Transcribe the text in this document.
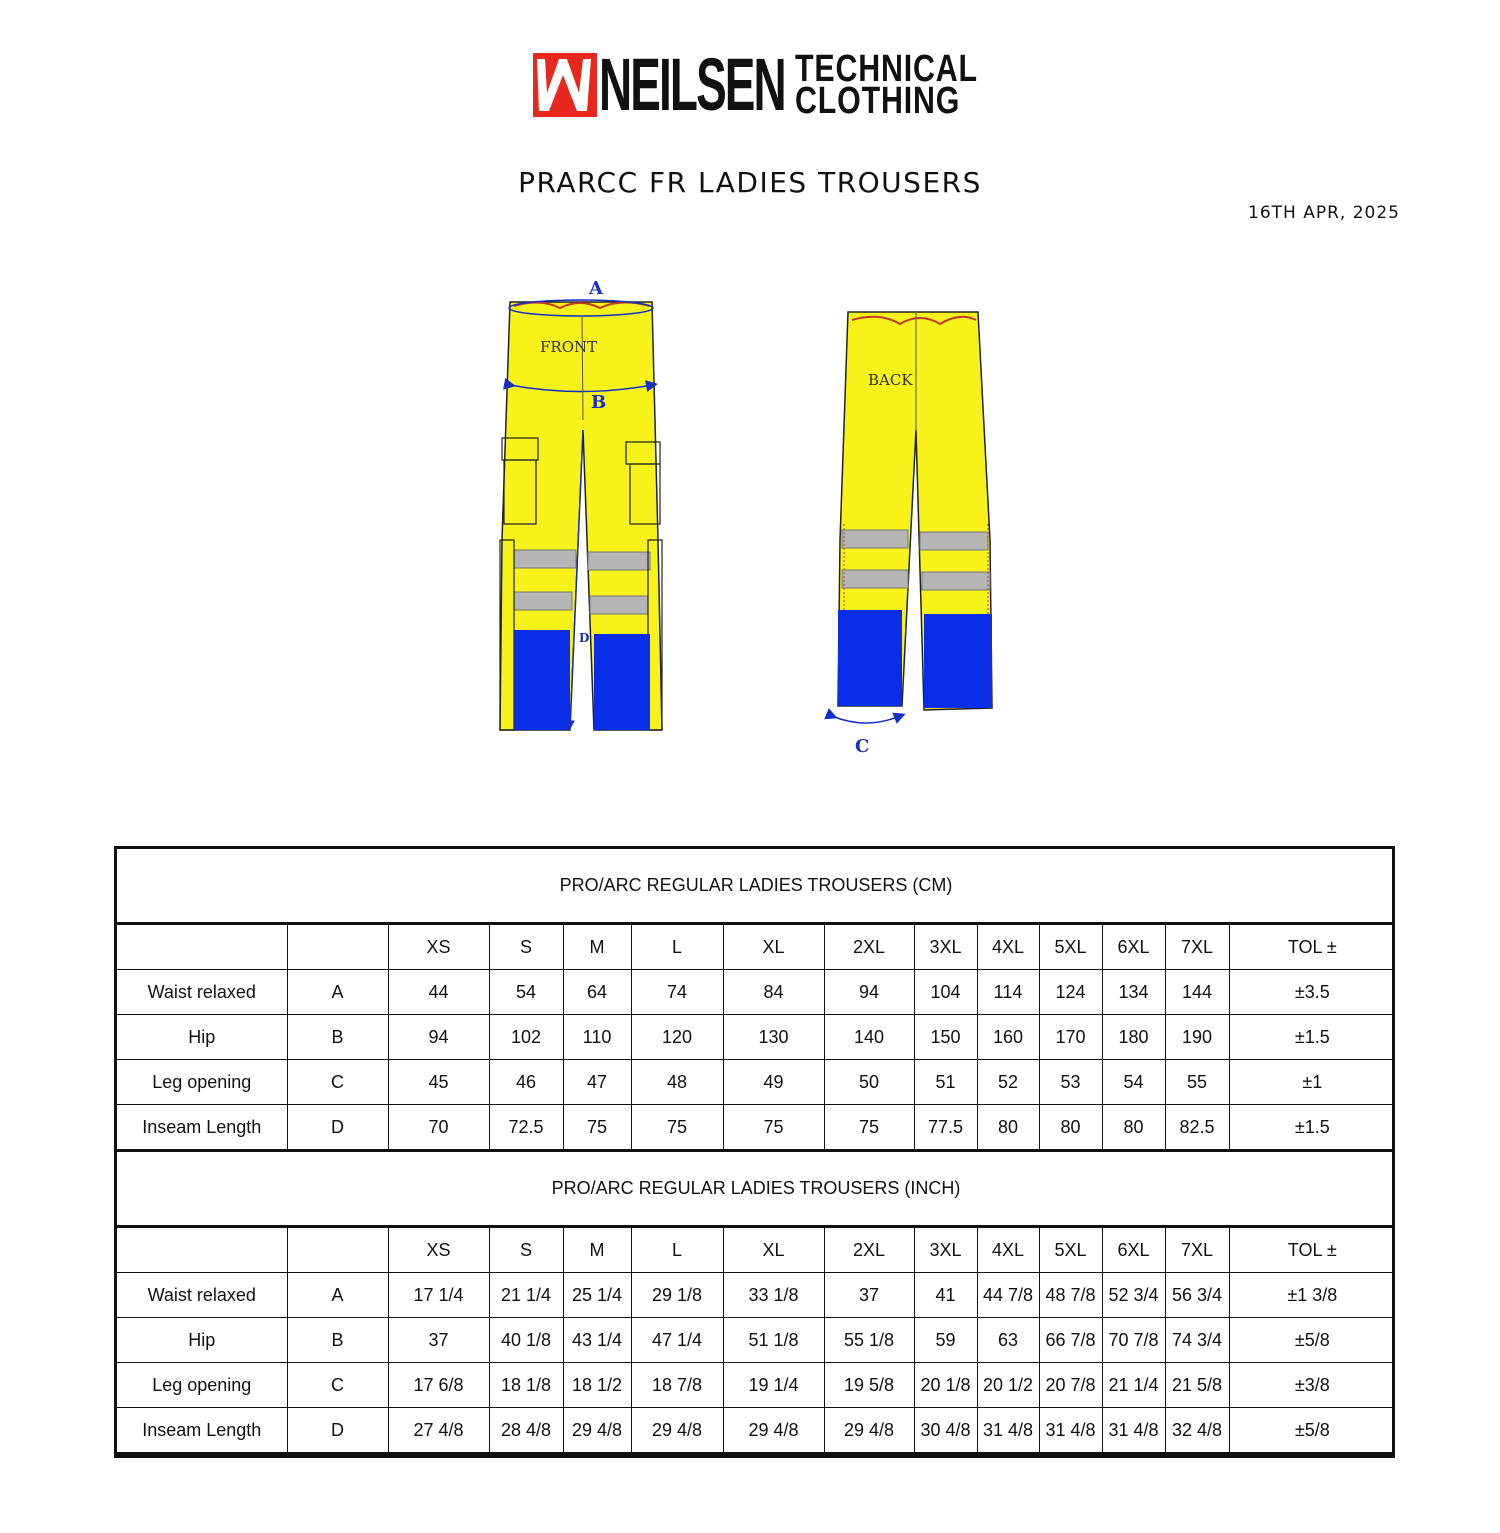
NEILSEN TECHNICAL
CLOTHING
PRARCC FR LADIES TROUSERS
16TH APR, 2025
FRONT
A
B
D
BACK
C
PRO/ARC REGULAR LADIES TROUSERS (CM)													
		XS	S	M	L	XL	2XL	3XL	4XL	5XL	6XL	7XL	TOL ±
Waist relaxed	A	44	54	64	74	84	94	104	114	124	134	144	±3.5
Hip	B	94	102	110	120	130	140	150	160	170	180	190	±1.5
Leg opening	C	45	46	47	48	49	50	51	52	53	54	55	±1
Inseam Length	D	70	72.5	75	75	75	75	77.5	80	80	80	82.5	±1.5
PRO/ARC REGULAR LADIES TROUSERS (INCH)													
		XS	S	M	L	XL	2XL	3XL	4XL	5XL	6XL	7XL	TOL ±
Waist relaxed	A	17 1/4	21 1/4	25 1/4	29 1/8	33 1/8	37	41	44 7/8	48 7/8	52 3/4	56 3/4	±1 3/8
Hip	B	37	40 1/8	43 1/4	47 1/4	51 1/8	55 1/8	59	63	66 7/8	70 7/8	74 3/4	±5/8
Leg opening	C	17 6/8	18 1/8	18 1/2	18 7/8	19 1/4	19 5/8	20 1/8	20 1/2	20 7/8	21 1/4	21 5/8	±3/8
Inseam Length	D	27 4/8	28 4/8	29 4/8	29 4/8	29 4/8	29 4/8	30 4/8	31 4/8	31 4/8	31 4/8	32 4/8	±5/8
